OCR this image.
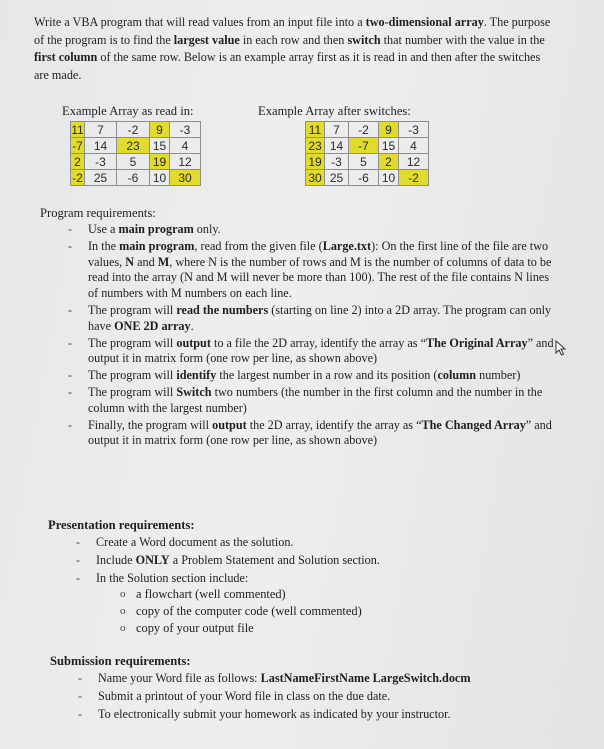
Write a VBA program that will read values from an input file into a two-dimensional array. The purpose of the program is to find the largest value in each row and then switch that number with the value in the first column of the same row. Below is an example array first as it is read in and then after the switches are made.

Example Array as read in:
11	7	-2	9	-3
-7	14	23	15	4
2	-3	5	19	12
-2	25	-6	10	30
Example Array after switches:
11	7	-2	9	-3
23	14	-7	15	4
19	-3	5	2	12
30	25	-6	10	-2
Program requirements:
- Use a main program only.
- In the main program, read from the given file (Large.txt): On the first line of the file are two values, N and M, where N is the number of rows and M is the number of columns of data to be read into the array (N and M will never be more than 100). The rest of the file contains N lines of numbers with M numbers on each line.
- The program will read the numbers (starting on line 2) into a 2D array. The program can only have ONE 2D array.
- The program will output to a file the 2D array, identify the array as “The Original Array” and output it in matrix form (one row per line, as shown above)
- The program will identify the largest number in a row and its position (column number)
- The program will Switch two numbers (the number in the first column and the number in the column with the largest number)
- Finally, the program will output the 2D array, identify the array as “The Changed Array” and output it in matrix form (one row per line, as shown above)
Presentation requirements:
- Create a Word document as the solution.
- Include ONLY a Problem Statement and Solution section.
- In the Solution section include:
o a flowchart (well commented)
o copy of the computer code (well commented)
o copy of your output file
Submission requirements:
- Name your Word file as follows: LastNameFirstName LargeSwitch.docm
- Submit a printout of your Word file in class on the due date.
- To electronically submit your homework as indicated by your instructor.
